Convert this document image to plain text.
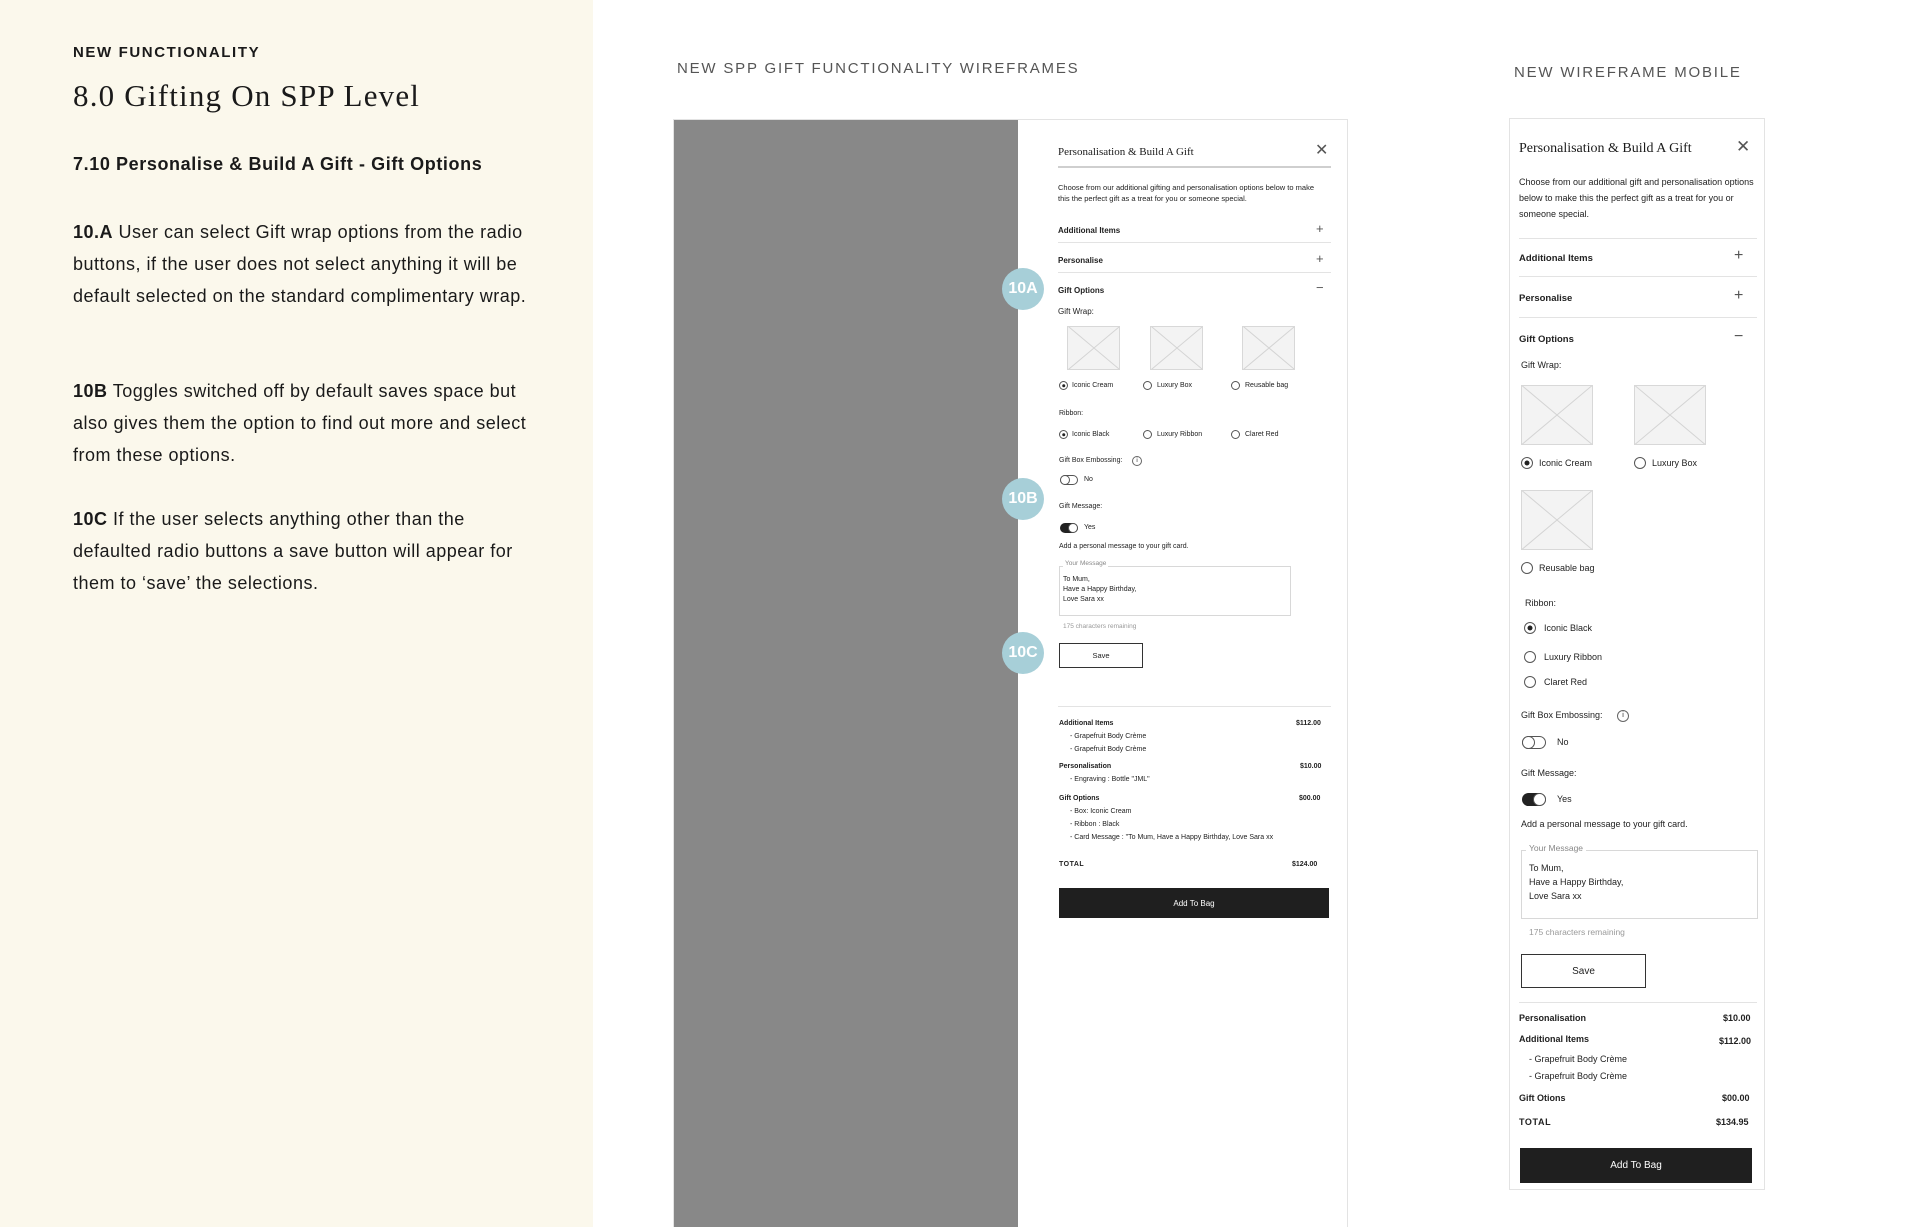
NEW FUNCTIONALITY
8.0 Gifting On SPP Level
7.10 Personalise & Build A Gift - Gift Options
10.A User can select Gift wrap options from the radio buttons, if the user does not select anything it will be default selected on the standard complimentary wrap.
10B Toggles switched off by default saves space but also gives them the option to find out more and select from these options.
10C If the user selects anything other than the defaulted radio buttons a save button will appear for them to ‘save’ the selections.
NEW SPP GIFT FUNCTIONALITY WIREFRAMES	NEW WIREFRAME MOBILE
Personalisation & Build A Gift	✕
Choose from our additional gifting and personalisation options below to make this the perfect gift as a treat for you or someone special.
Additional Items	+
Personalise	+
Gift Options	−
Gift Wrap:
Iconic Cream	Luxury Box	Reusable bag
Ribbon:
Iconic Black	Luxury Ribbon	Claret Red
Gift Box Embossing:	i
No
Gift Message:
Yes
Add a personal message to your gift card.
Your Message
To Mum,
Have a Happy Birthday,
Love Sara xx
175 characters remaining
Save
Additional Items	$112.00
- Grapefruit Body Crème
- Grapefruit Body Crème
Personalisation	$10.00
- Engraving : Bottle "JML"
Gift Options	$00.00
- Box: Iconic Cream
- Ribbon : Black
- Card Message : "To Mum, Have a Happy Birthday, Love Sara xx
TOTAL	$124.00
Add To Bag
10A
10B
10C
Personalisation & Build A Gift	✕
Choose from our additional gift and personalisation options below to make this the perfect gift as a treat for you or someone special.
Additional Items	+
Personalise	+
Gift Options	−
Gift Wrap:
Iconic Cream	Luxury Box
Reusable bag
Ribbon:
Iconic Black
Luxury Ribbon
Claret Red
Gift Box Embossing:	i
No
Gift Message:
Yes
Add a personal message to your gift card.
Your Message
To Mum,
Have a Happy Birthday,
Love Sara xx
175 characters remaining
Save
Personalisation	$10.00
Additional Items	$112.00
- Grapefruit Body Crème
- Grapefruit Body Crème
Gift Otions	$00.00
TOTAL	$134.95
Add To Bag
